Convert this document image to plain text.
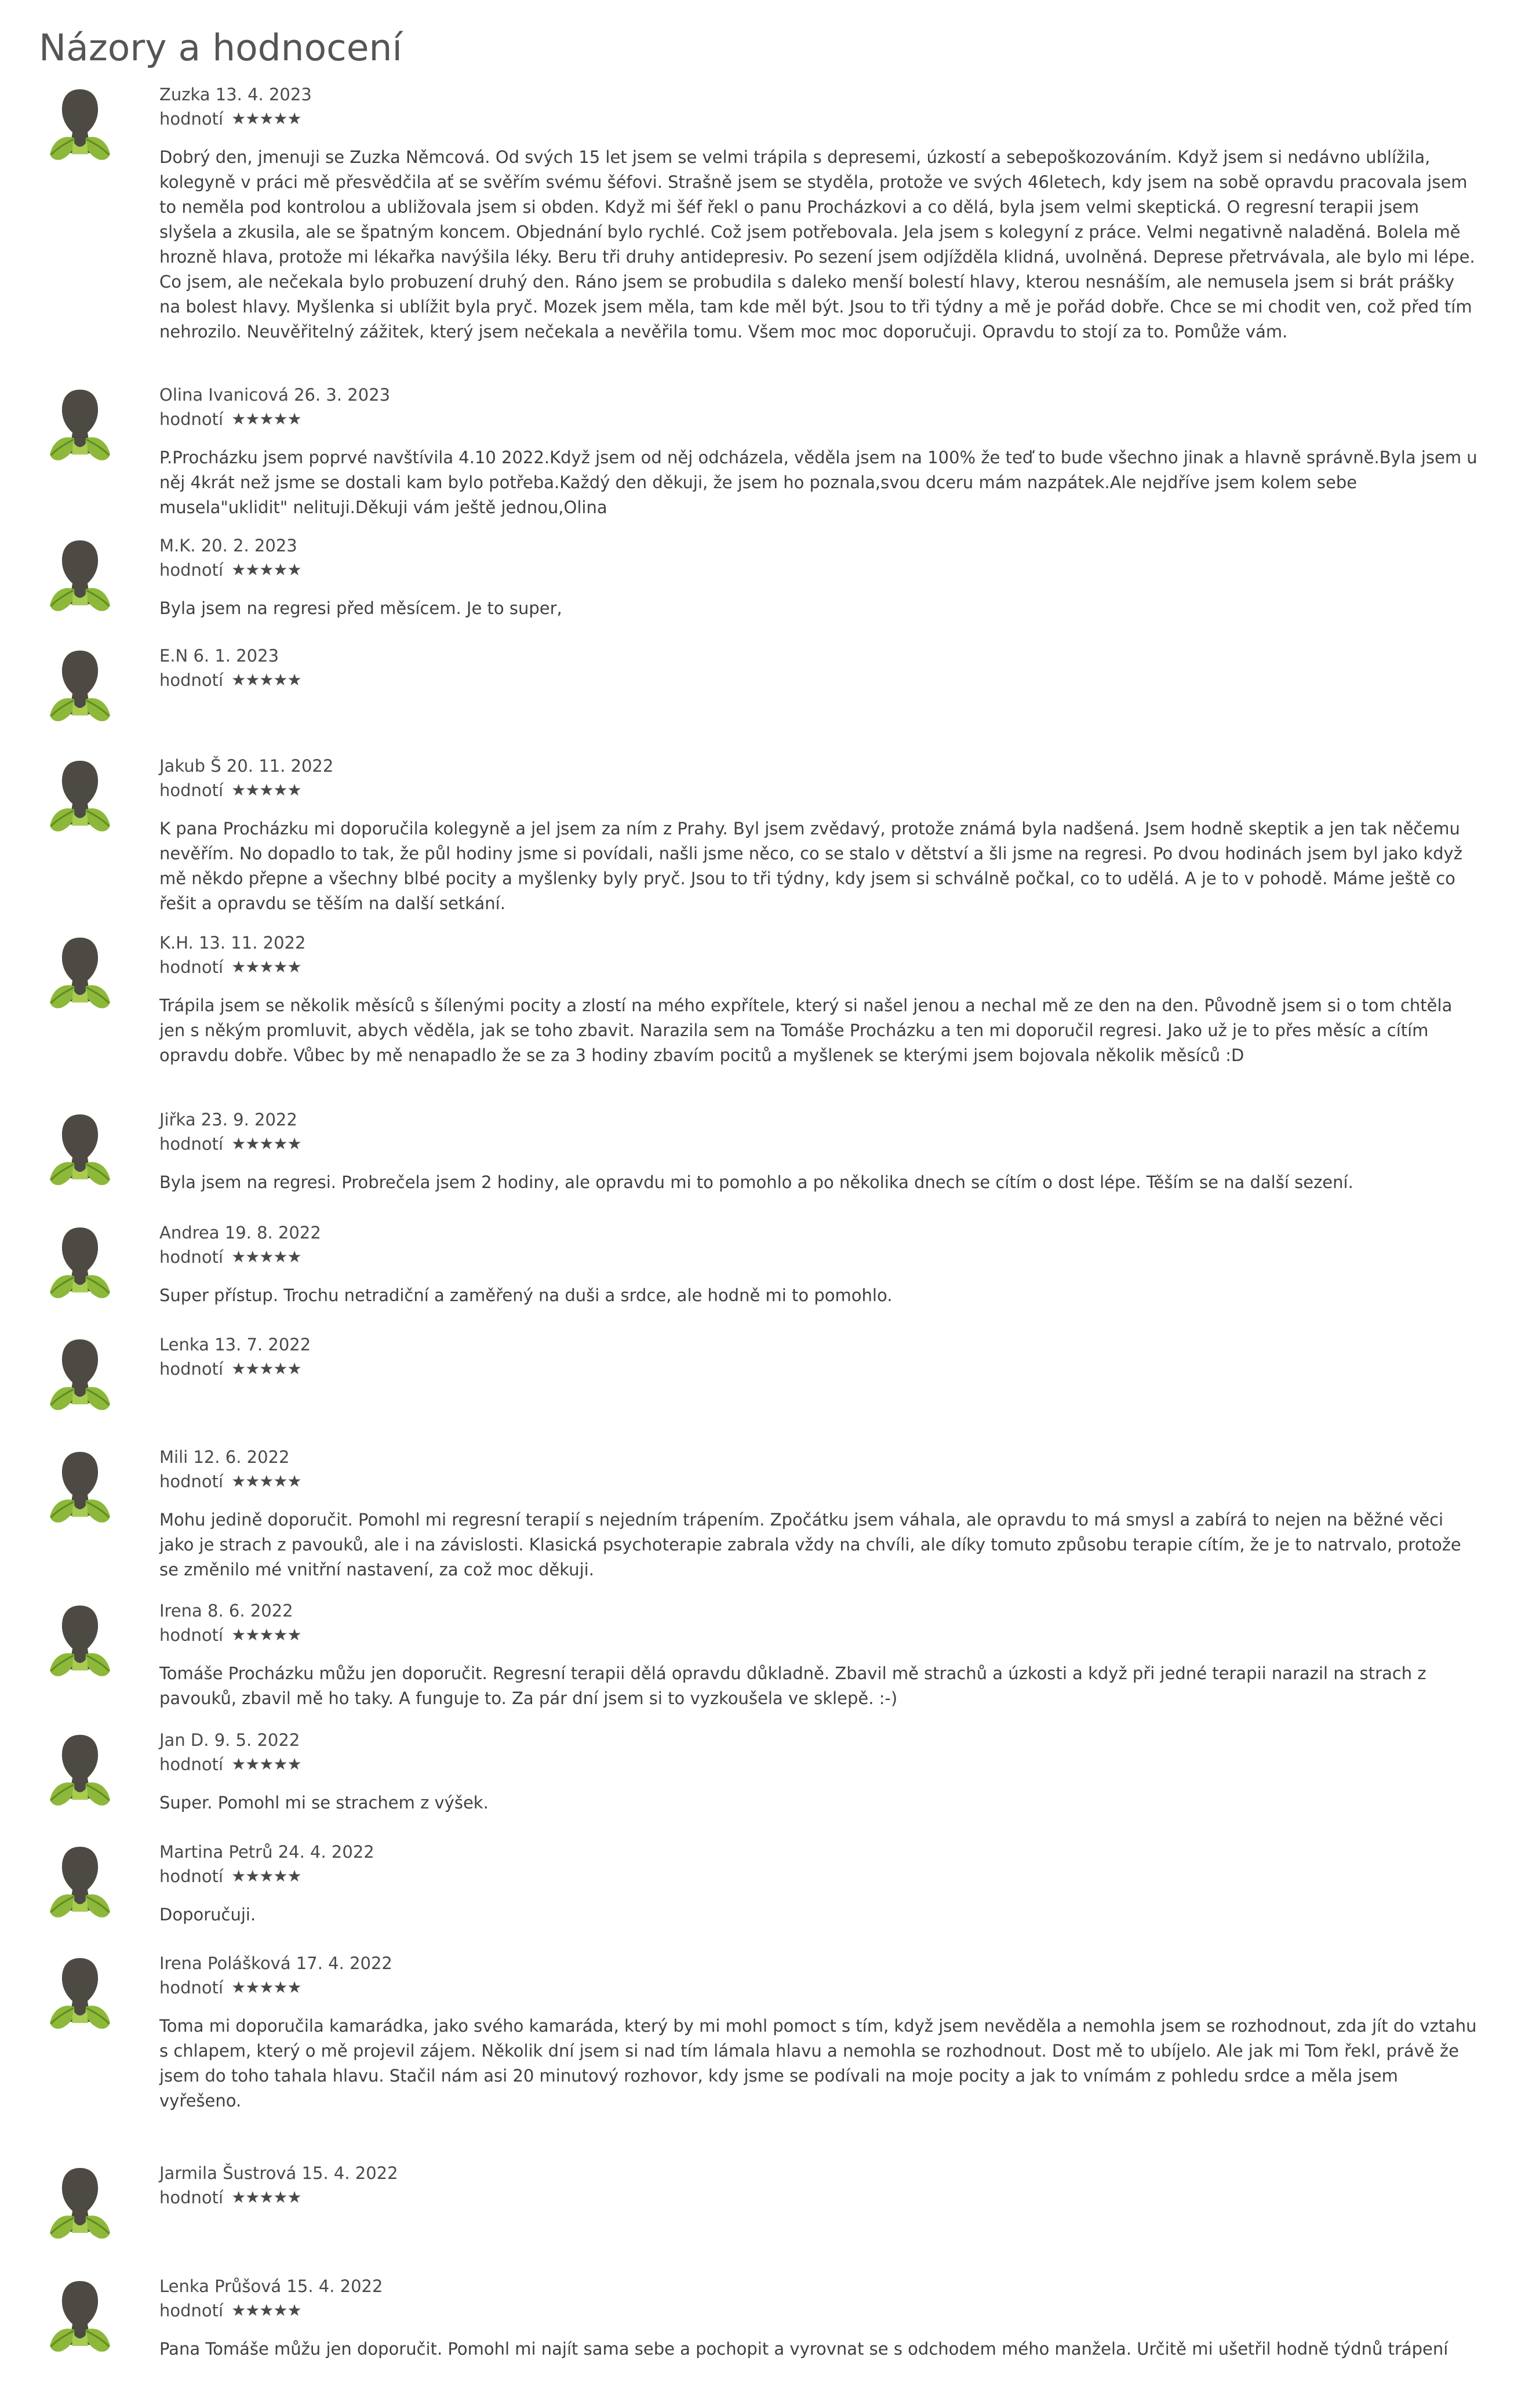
Názory a hodnocení
Zuzka 13. 4. 2023
hodnotí ★★★★★

Dobrý den, jmenuji se Zuzka Němcová. Od svých 15 let jsem se velmi trápila s depresemi, úzkostí a sebepoškozováním. Když jsem si nedávno ublížila, kolegyně v práci mě přesvědčila ať se svěřím svému šéfovi. Strašně jsem se styděla, protože ve svých 46letech, kdy jsem na sobě opravdu pracovala jsem to neměla pod kontrolou a ubližovala jsem si obden. Když mi šéf řekl o panu Procházkovi a co dělá, byla jsem velmi skeptická. O regresní terapii jsem slyšela a zkusila, ale se špatným koncem. Objednání bylo rychlé. Což jsem potřebovala. Jela jsem s kolegyní z práce. Velmi negativně naladěná. Bolela mě hrozně hlava, protože mi lékařka navýšila léky. Beru tři druhy antidepresiv. Po sezení jsem odjížděla klidná, uvolněná. Deprese přetrvávala, ale bylo mi lépe. Co jsem, ale nečekala bylo probuzení druhý den. Ráno jsem se probudila s daleko menší bolestí hlavy, kterou nesnáším, ale nemusela jsem si brát prášky na bolest hlavy. Myšlenka si ublížit byla pryč. Mozek jsem měla, tam kde měl být. Jsou to tři týdny a mě je pořád dobře. Chce se mi chodit ven, což před tím nehrozilo. Neuvěřitelný zážitek, který jsem nečekala a nevěřila tomu. Všem moc moc doporučuji. Opravdu to stojí za to. Pomůže vám.

Olina Ivanicová 26. 3. 2023
hodnotí ★★★★★

P.Procházku jsem poprvé navštívila 4.10 2022.Když jsem od něj odcházela, věděla jsem na 100% že teď to bude všechno jinak a hlavně správně.Byla jsem u něj 4krát než jsme se dostali kam bylo potřeba.Každý den děkuji, že jsem ho poznala,svou dceru mám nazpátek.Ale nejdříve jsem kolem sebe musela"uklidit" nelituji.Děkuji vám ještě jednou,Olina

M.K. 20. 2. 2023
hodnotí ★★★★★

Byla jsem na regresi před měsícem. Je to super,

E.N 6. 1. 2023
hodnotí ★★★★★

Jakub Š 20. 11. 2022
hodnotí ★★★★★

K pana Procházku mi doporučila kolegyně a jel jsem za ním z Prahy. Byl jsem zvědavý, protože známá byla nadšená. Jsem hodně skeptik a jen tak něčemu nevěřím. No dopadlo to tak, že půl hodiny jsme si povídali, našli jsme něco, co se stalo v dětství a šli jsme na regresi. Po dvou hodinách jsem byl jako když mě někdo přepne a všechny blbé pocity a myšlenky byly pryč. Jsou to tři týdny, kdy jsem si schválně počkal, co to udělá. A je to v pohodě. Máme ještě co řešit a opravdu se těším na další setkání.

K.H. 13. 11. 2022
hodnotí ★★★★★

Trápila jsem se několik měsíců s šílenými pocity a zlostí na mého expřítele, který si našel jenou a nechal mě ze den na den. Původně jsem si o tom chtěla jen s někým promluvit, abych věděla, jak se toho zbavit. Narazila sem na Tomáše Procházku a ten mi doporučil regresi. Jako už je to přes měsíc a cítím opravdu dobře. Vůbec by mě nenapadlo že se za 3 hodiny zbavím pocitů a myšlenek se kterými jsem bojovala několik měsíců :D

Jiřka 23. 9. 2022
hodnotí ★★★★★

Byla jsem na regresi. Probrečela jsem 2 hodiny, ale opravdu mi to pomohlo a po několika dnech se cítím o dost lépe. Těším se na další sezení.

Andrea 19. 8. 2022
hodnotí ★★★★★

Super přístup. Trochu netradiční a zaměřený na duši a srdce, ale hodně mi to pomohlo.

Lenka 13. 7. 2022
hodnotí ★★★★★

Mili 12. 6. 2022
hodnotí ★★★★★

Mohu jedině doporučit. Pomohl mi regresní terapií s nejedním trápením. Zpočátku jsem váhala, ale opravdu to má smysl a zabírá to nejen na běžné věci jako je strach z pavouků, ale i na závislosti. Klasická psychoterapie zabrala vždy na chvíli, ale díky tomuto způsobu terapie cítím, že je to natrvalo, protože se změnilo mé vnitřní nastavení, za což moc děkuji.

Irena 8. 6. 2022
hodnotí ★★★★★

Tomáše Procházku můžu jen doporučit. Regresní terapii dělá opravdu důkladně. Zbavil mě strachů a úzkosti a když při jedné terapii narazil na strach z pavouků, zbavil mě ho taky. A funguje to. Za pár dní jsem si to vyzkoušela ve sklepě. :-)

Jan D. 9. 5. 2022
hodnotí ★★★★★

Super. Pomohl mi se strachem z výšek.

Martina Petrů 24. 4. 2022
hodnotí ★★★★★

Doporučuji.

Irena Polášková 17. 4. 2022
hodnotí ★★★★★

Toma mi doporučila kamarádka, jako svého kamaráda, který by mi mohl pomoct s tím, když jsem nevěděla a nemohla jsem se rozhodnout, zda jít do vztahu s chlapem, který o mě projevil zájem. Několik dní jsem si nad tím lámala hlavu a nemohla se rozhodnout. Dost mě to ubíjelo. Ale jak mi Tom řekl, právě že jsem do toho tahala hlavu. Stačil nám asi 20 minutový rozhovor, kdy jsme se podívali na moje pocity a jak to vnímám z pohledu srdce a měla jsem vyřešeno.

Jarmila Šustrová 15. 4. 2022
hodnotí ★★★★★

Lenka Průšová 15. 4. 2022
hodnotí ★★★★★

Pana Tomáše můžu jen doporučit. Pomohl mi najít sama sebe a pochopit a vyrovnat se s odchodem mého manžela. Určitě mi ušetřil hodně týdnů trápení
